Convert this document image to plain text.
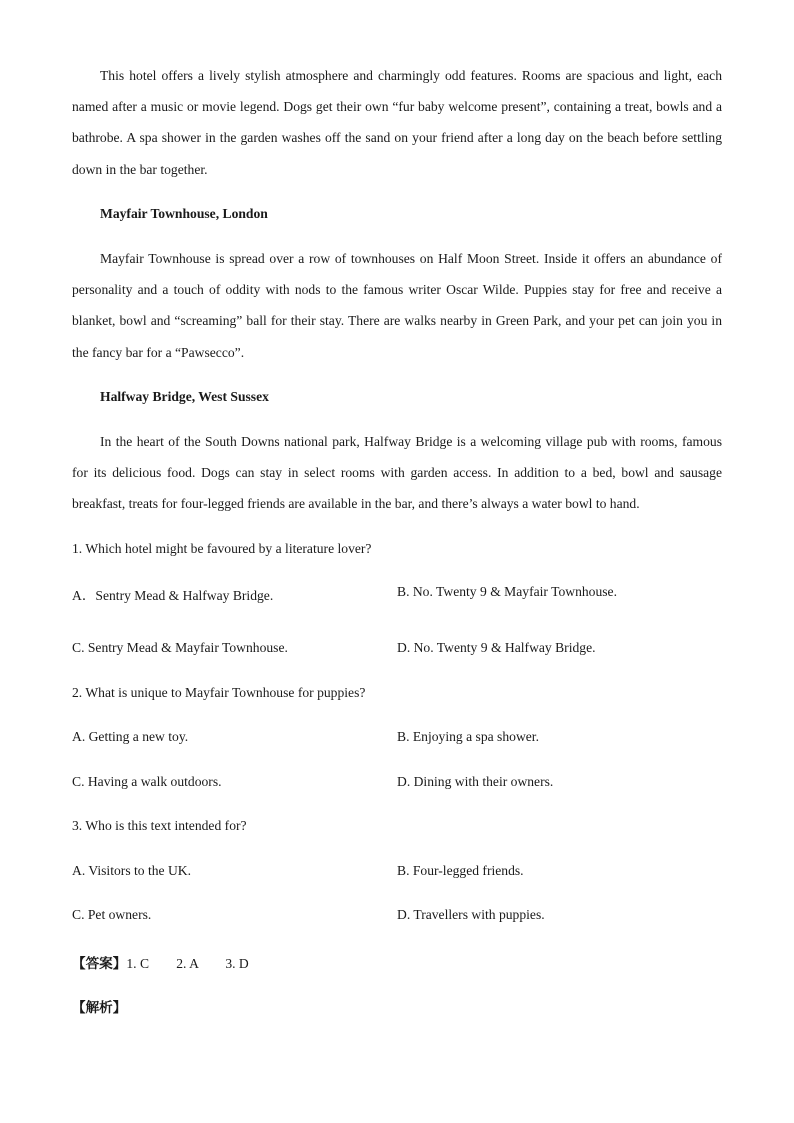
This hotel offers a lively stylish atmosphere and charmingly odd features. Rooms are spacious and light, each named after a music or movie legend. Dogs get their own “fur baby welcome present”, containing a treat, bowls and a bathrobe. A spa shower in the garden washes off the sand on your friend after a long day on the beach before settling down in the bar together.

Mayfair Townhouse, London

Mayfair Townhouse is spread over a row of townhouses on Half Moon Street. Inside it offers an abundance of personality and a touch of oddity with nods to the famous writer Oscar Wilde. Puppies stay for free and receive a blanket, bowl and “screaming” ball for their stay. There are walks nearby in Green Park, and your pet can join you in the fancy bar for a “Pawsecco”.

Halfway Bridge, West Sussex

In the heart of the South Downs national park, Halfway Bridge is a welcoming village pub with rooms, famous for its delicious food. Dogs can stay in select rooms with garden access. In addition to a bed, bowl and sausage breakfast, treats for four-legged friends are available in the bar, and there’s always a water bowl to hand.

1. Which hotel might be favoured by a literature lover?

A．Sentry Mead & Halfway Bridge.	B. No. Twenty 9 & Mayfair Townhouse.

C. Sentry Mead & Mayfair Townhouse.	D. No. Twenty 9 & Halfway Bridge.

2. What is unique to Mayfair Townhouse for puppies?

A. Getting a new toy.	B. Enjoying a spa shower.

C. Having a walk outdoors.	D. Dining with their owners.

3. Who is this text intended for?

A. Visitors to the UK.	B. Four-legged friends.

C. Pet owners.	D. Travellers with puppies.

【答案】1. C        2. A        3. D

【解析】
